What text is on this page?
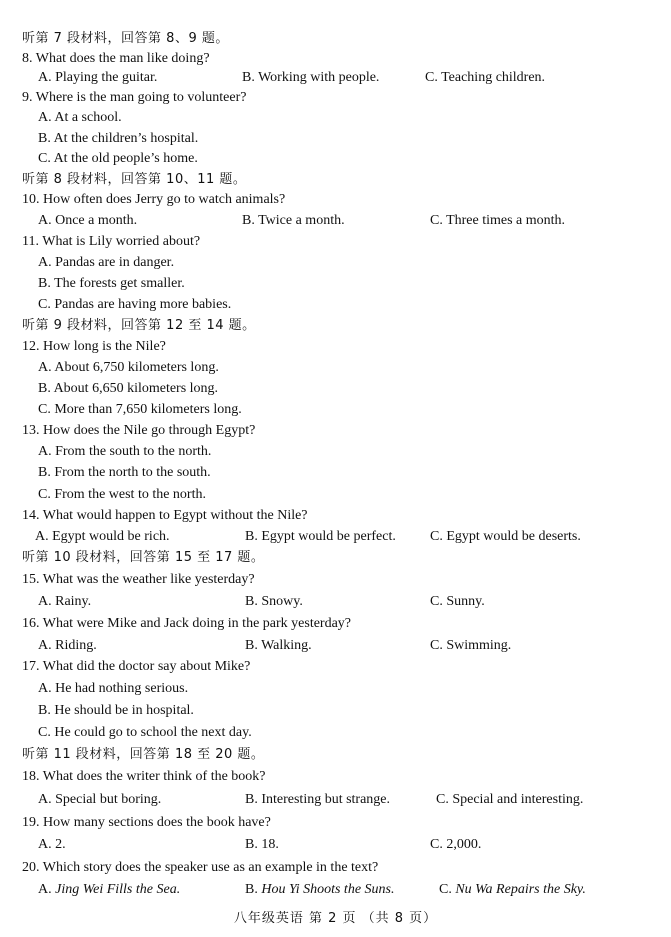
听第 7 段材料，回答第 8、9 题。
8. What does the man like doing?
A. Playing the guitar.	B. Working with people.	C. Teaching children.
9. Where is the man going to volunteer?
A. At a school.
B. At the children’s hospital.
C. At the old people’s home.
听第 8 段材料，回答第 10、11 题。
10. How often does Jerry go to watch animals?
A. Once a month.	B. Twice a month.	C. Three times a month.
11. What is Lily worried about?
A. Pandas are in danger.
B. The forests get smaller.
C. Pandas are having more babies.
听第 9 段材料，回答第 12 至 14 题。
12. How long is the Nile?
A. About 6,750 kilometers long.
B. About 6,650 kilometers long.
C. More than 7,650 kilometers long.
13. How does the Nile go through Egypt?
A. From the south to the north.
B. From the north to the south.
C. From the west to the north.
14. What would happen to Egypt without the Nile?
A. Egypt would be rich.	B. Egypt would be perfect. C. Egypt would be deserts.
听第 10 段材料，回答第 15 至 17 题。
15. What was the weather like yesterday?
A. Rainy.	B. Snowy.	C. Sunny.
16. What were Mike and Jack doing in the park yesterday?
A. Riding.	B. Walking.	C. Swimming.
17. What did the doctor say about Mike?
A. He had nothing serious.
B. He should be in hospital.
C. He could go to school the next day.
听第 11 段材料，回答第 18 至 20 题。
18. What does the writer think of the book?
A. Special but boring.	B. Interesting but strange.	C. Special and interesting.
19. How many sections does the book have?
A. 2.	B. 18.	C. 2,000.
20. Which story does the speaker use as an example in the text?
A. Jing Wei Fills the Sea.	B. Hou Yi Shoots the Suns.	C. Nu Wa Repairs the Sky.
八年级英语 第 2 页 （共 8 页）
